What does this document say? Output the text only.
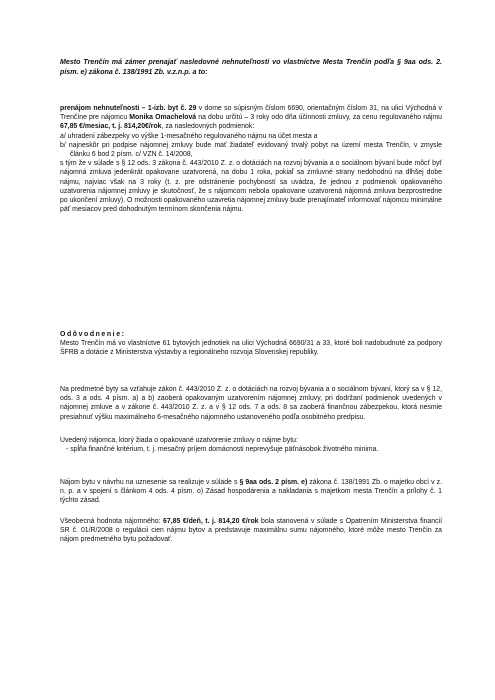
Mesto Trenčín má zámer prenajať nasledovné nehnuteľnosti vo vlastníctve Mesta Trenčín podľa § 9aa ods. 2. písm. e) zákona č. 138/1991 Zb. v.z.n.p. a to:

prenájom nehnuteľnosti – 1-izb. byt č. 29 v dome so súpisným číslom 6690, orientačným číslom 31, na ulici Východná v Trenčíne pre nájomcu Monika Omachelová na dobu určitú – 3 roky odo dňa účinnosti zmluvy, za cenu regulovaného nájmu 67,85 €/mesiac, t. j. 814,20€/rok, za nasledovných podmienok:

a/ uhradení zábezpeky vo výške 1-mesačného regulovaného nájmu na účet mesta a

b/ najneskôr pri podpise nájomnej zmluvy bude mať žiadateľ evidovaný trvalý pobyt na území mesta Trenčín, v zmysle článku 6 bod 2 písm. c/ VZN č. 14/2008,

s tým že v súlade s § 12 ods. 3 zákona č. 443/2010 Z. z. o dotáciách na rozvoj bývania a o sociálnom bývaní bude môcť byť nájomná zmluva jedenkrát opakovane uzatvorená, na dobu 1 roka, pokiaľ sa zmluvné strany nedohodnú na dlhšej dobe nájmu, najviac však na 3 roky (t. z. pre odstránenie pochybností sa uvádza, že jednou z podmienok opakovaného uzatvorenia nájomnej zmluvy je skutočnosť, že s nájomcom nebola opakovane uzatvorená nájomná zmluva bezprostredne po ukončení zmluvy). O možnosti opakovaného uzavretia nájomnej zmluvy bude prenajímateľ informovať nájomcu minimálne päť mesiacov pred dohodnutým termínom skončenia nájmu.

Odôvodnenie:

Mesto Trenčín má vo vlastníctve 61 bytových jednotiek na ulici Východná 6690/31 a 33, ktoré boli nadobudnuté za podpory ŠFRB a dotácie z Ministerstva výstavby a regionálneho rozvoja Slovenskej republiky.

Na predmetné byty sa vzťahuje zákon č. 443/2010 Z. z. o dotáciách na rozvoj bývania a o sociálnom bývaní, ktorý sa v § 12, ods. 3 a ods. 4 písm. a) a b) zaoberá opakovaným uzatvorením nájomnej zmluvy, pri dodržaní podmienok uvedených v nájomnej zmluve a v zákone č. 443/2010 Z. z. a v § 12 ods. 7 a ods. 8 sa zaoberá finančnou zábezpekou, ktorá nesmie presiahnuť výšku maximálneho 6-mesačného nájomného ustanoveného podľa osobitného predpisu.

Uvedený nájomca, ktorý žiada o opakované uzatvorenie zmluvy o nájme bytu:

- spĺňa finančné kritérium, t. j. mesačný príjem domácnosti neprevyšuje päťnásobok životného minima.

Nájom bytu v návrhu na uznesenie sa realizuje v súlade s § 9aa ods. 2 písm. e) zákona č. 138/1991 Zb. o majetku obcí v z. n. p. a v spojení s článkom 4 ods. 4 písm. o) Zásad hospodárenia a nakladania s majetkom mesta Trenčín a prílohy č. 1 týchto zásad.

Všeobecná hodnota nájomného: 67,85 €/deň, t. j. 814,20 €/rok bola stanovená v súlade s Opatrením Ministerstva financií SR č. 01/R/2008 o regulácii cien nájmu bytov a predstavuje maximálnu sumu nájomného, ktoré môže mesto Trenčín za nájom predmetného bytu požadovať.
